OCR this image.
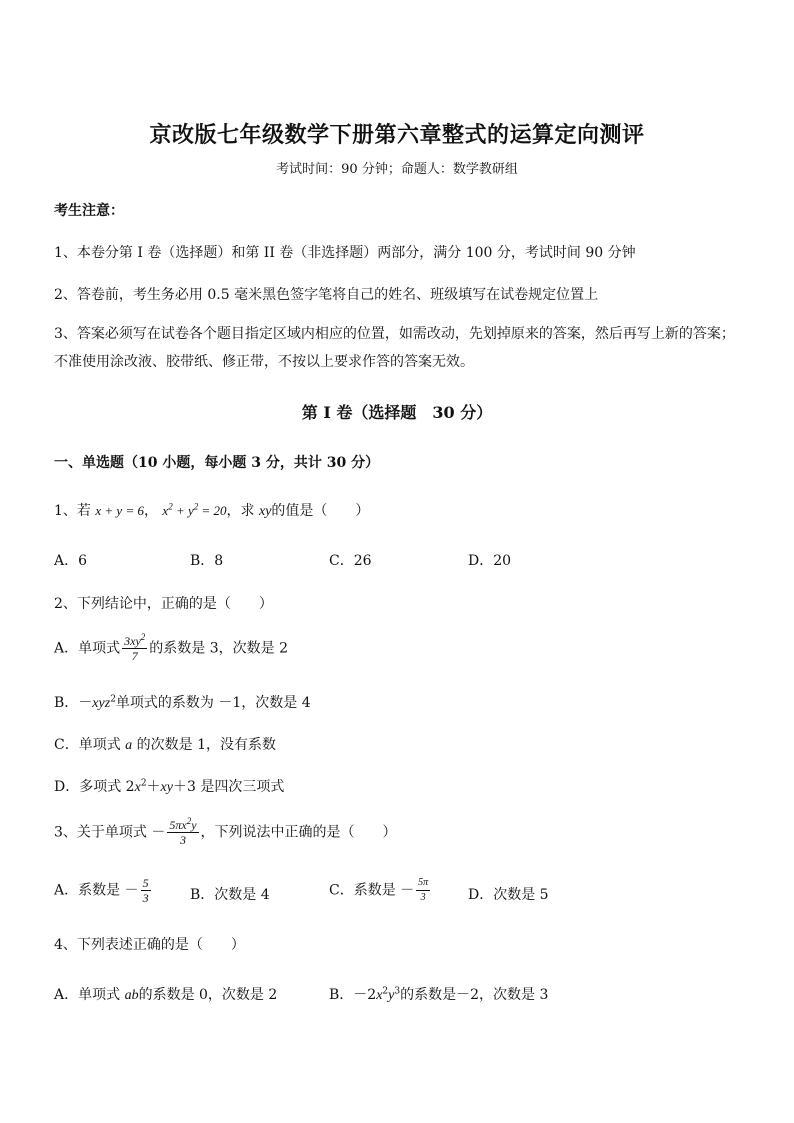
京改版七年级数学下册第六章整式的运算定向测评
考试时间：90 分钟；命题人：数学教研组
考生注意：
1、本卷分第 I 卷（选择题）和第 II 卷（非选择题）两部分，满分 100 分，考试时间 90 分钟
2、答卷前，考生务必用 0.5 毫米黑色签字笔将自己的姓名、班级填写在试卷规定位置上
3、答案必须写在试卷各个题目指定区域内相应的位置，如需改动，先划掉原来的答案，然后再写上新的答案；不准使用涂改液、胶带纸、修正带，不按以上要求作答的答案无效。
第 I 卷（选择题　30 分）
一、单选题（10 小题，每小题 3 分，共计 30 分）
1、若 x + y = 6， $x^2 + y^2 = 20$，求 xy的值是（　　）
A．6	B．8	C．26	D．20
2、下列结论中，正确的是（　　）
A．单项式 $\frac{3xy^2}{7}$ 的系数是 3，次数是 2
B．－xyz$^2$单项式的系数为 －1，次数是 4
C．单项式 a 的次数是 1，没有系数
D．多项式 $2x^2+xy+3$ 是四次三项式
3、关于单项式 － $\frac{5\pi x^2y}{3}$ ，下列说法中正确的是（　　）
A．系数是 － $\frac{5}{3}$	B．次数是 4	C．系数是 － $\frac{5\pi}{3}$	D．次数是 5
4、下列表述正确的是（　　）
A．单项式 ab的系数是 0，次数是 2	B．$-2x^2y^3$的系数是－2，次数是 3
